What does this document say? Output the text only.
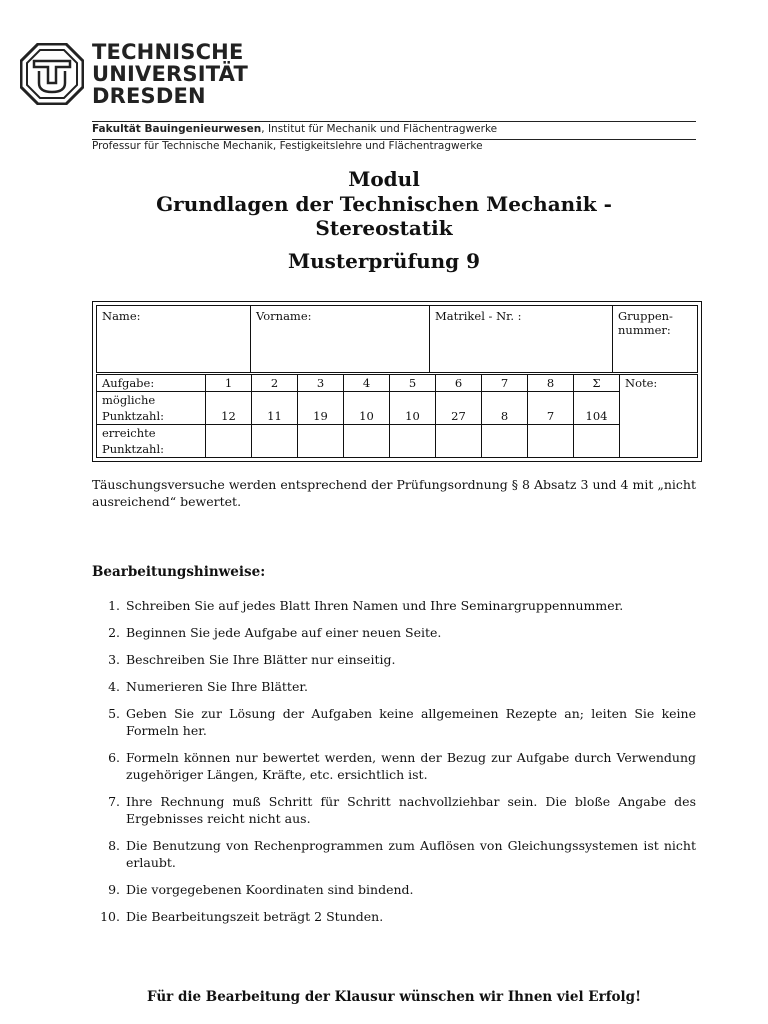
TECHNISCHE
UNIVERSITÄT
DRESDEN
Fakultät Bauingenieurwesen, Institut für Mechanik und Flächentragwerke
Professur für Technische Mechanik, Festigkeitslehre und Flächentragwerke
Modul
Grundlagen der Technischen Mechanik -
Stereostatik
Musterprüfung 9
Name:	Vorname:	Matrikel - Nr. :	Gruppen-
nummer:
Aufgabe:	1	2	3	4	5	6	7	8	Σ	Note:
mögliche	12	11	19	10	10	27	8	7	104	
Punktzahl:										
erreichte										
Punktzahl:										
Täuschungsversuche werden entsprechend der Prüfungsordnung § 8 Absatz 3 und 4 mit „nicht ausreichend“ bewertet.
Bearbeitungshinweise:
1. Schreiben Sie auf jedes Blatt Ihren Namen und Ihre Seminargruppennummer.
2. Beginnen Sie jede Aufgabe auf einer neuen Seite.
3. Beschreiben Sie Ihre Blätter nur einseitig.
4. Numerieren Sie Ihre Blätter.
5. Geben Sie zur Lösung der Aufgaben keine allgemeinen Rezepte an; leiten Sie keine Formeln her.
6. Formeln können nur bewertet werden, wenn der Bezug zur Aufgabe durch Verwendung zugehöriger Längen, Kräfte, etc. ersichtlich ist.
7. Ihre Rechnung muß Schritt für Schritt nachvollziehbar sein. Die bloße Angabe des Ergebnisses reicht nicht aus.
8. Die Benutzung von Rechenprogrammen zum Auflösen von Gleichungssystemen ist nicht erlaubt.
9. Die vorgegebenen Koordinaten sind bindend.
10. Die Bearbeitungszeit beträgt 2 Stunden.
Für die Bearbeitung der Klausur wünschen wir Ihnen viel Erfolg!
